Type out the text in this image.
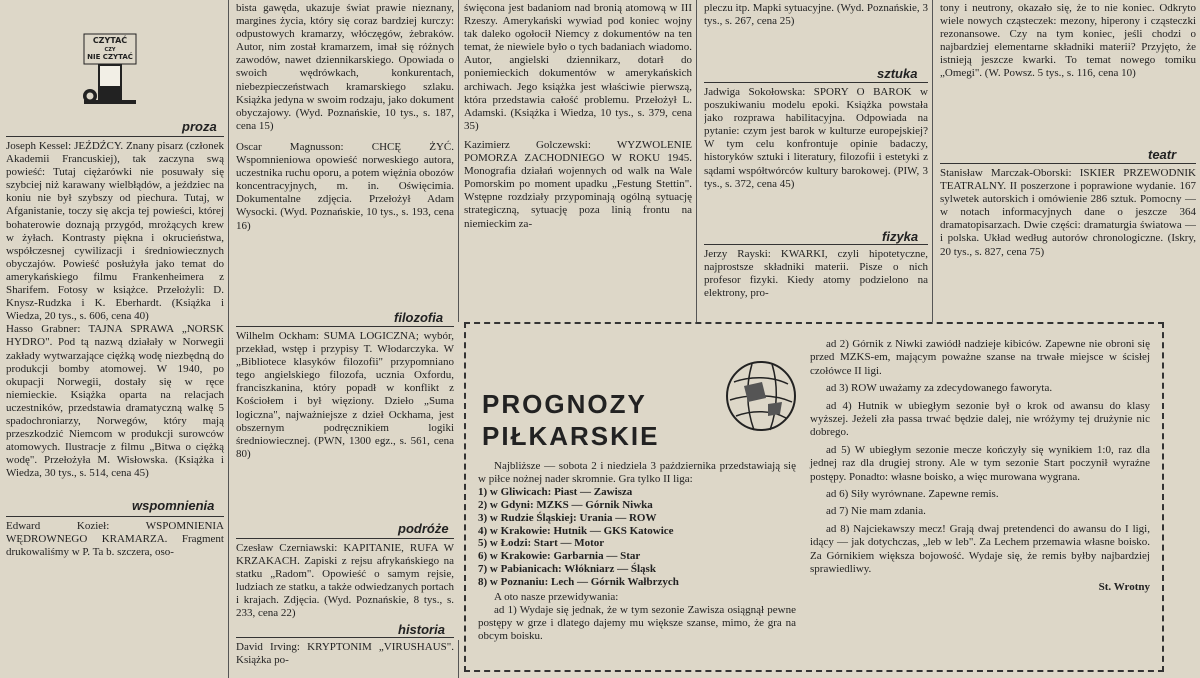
CZYTAĆ
CZY
NIE CZYTAĆ
proza
wspomnienia
filozofia
podróże
historia
sztuka
fizyka
teatr

Joseph Kessel: JEŹDŹCY. Znany pisarz (członek Akademii Francuskiej), tak zaczyna swą powieść: Tutaj ciężarówki nie posuwały się szybciej niż karawany wielbłądów, a jeździec na koniu nie był szybszy od piechura. Tutaj, w Afganistanie, toczy się akcja tej powieści, której bohaterowie doznają przygód, mrożących krew w żyłach. Kontrasty piękna i okrucieństwa, współczesnej cywilizacji i średniowiecznych obyczajów. Powieść posłużyła jako temat do amerykańskiego filmu Frankenheimera z Sharifem. Fotosy w książce. Przełożyli: D. Knysz-Rudzka i K. Eberhardt. (Książka i Wiedza, 20 tys., s. 606, cena 40)

Hasso Grabner: TAJNA SPRAWA „NORSK HYDRO". Pod tą nazwą działały w Norwegii zakłady wytwarzające ciężką wodę niezbędną do produkcji bomby atomowej. W 1940, po okupacji Norwegii, dostały się w ręce niemieckie. Książka oparta na relacjach uczestników, przedstawia dramatyczną walkę 5 spadochroniarzy, Norwegów, który mają przeszkodzić Niemcom w produkcji surowców atomowych. Ilustracje z filmu „Bitwa o ciężką wodę". Przełożyła M. Wisłowska. (Książka i Wiedza, 30 tys., s. 514, cena 45)

Edward Kozieł: WSPOMNIENIA WĘDROWNEGO KRAMARZA. Fragment drukowaliśmy w P. Ta b. szczera, oso-

bista gawęda, ukazuje świat prawie nieznany, margines życia, który się coraz bardziej kurczy: odpustowych kramarzy, włóczęgów, żebraków. Autor, nim został kramarzem, imał się różnych zawodów, nawet dziennikarskiego. Opowiada o swoich wędrówkach, konkurentach, niebezpieczeństwach kramarskiego szlaku. Książka jedyna w swoim rodzaju, jako dokument obyczajowy. (Wyd. Poznańskie, 10 tys., s. 187, cena 15)

Oscar Magnusson: CHCĘ ŻYĆ. Wspomnieniowa opowieść norweskiego autora, uczestnika ruchu oporu, a potem więźnia obozów koncentracyjnych, m. in. Oświęcimia. Dokumentalne zdjęcia. Przełożył Adam Wysocki. (Wyd. Poznańskie, 10 tys., s. 193, cena 16)

Wilhelm Ockham: SUMA LOGICZNA; wybór, przekład, wstęp i przypisy T. Włodarczyka. W „Bibliotece klasyków filozofii" przypomniano tego angielskiego filozofa, ucznia Oxfordu, franciszkanina, który popadł w konflikt z Kościołem i był więziony. Dzieło „Suma logiczna", najważniejsze z dzieł Ockhama, jest obszernym podręcznikiem logiki średniowiecznej. (PWN, 1300 egz., s. 561, cena 80)

Czesław Czerniawski: KAPITANIE, RUFA W KRZAKACH. Zapiski z rejsu afrykańskiego na statku „Radom". Opowieść o samym rejsie, ludziach ze statku, a także odwiedzanych portach i krajach. Zdjęcia. (Wyd. Poznańskie, 8 tys., s. 233, cena 22)

David Irving: KRYPTONIM „VIRUSHAUS". Książka po-

święcona jest badaniom nad bronią atomową w III Rzeszy. Amerykański wywiad pod koniec wojny tak daleko ogołocił Niemcy z dokumentów na ten temat, że niewiele było o tych badaniach wiadomo. Autor, angielski dziennikarz, dotarł do poniemieckich dokumentów w amerykańskich archiwach. Jego książka jest właściwie pierwszą, która przedstawia całość problemu. Przełożył L. Adamski. (Książka i Wiedza, 10 tys., s. 379, cena 35)

Kazimierz Golczewski: WYZWOLENIE POMORZA ZACHODNIEGO W ROKU 1945. Monografia działań wojennych od walk na Wale Pomorskim po moment upadku „Festung Stettin". Wstępne rozdziały przypominają ogólną sytuację strategiczną, sytuację poza linią frontu na niemieckim za-

pleczu itp. Mapki sytuacyjne. (Wyd. Poznańskie, 3 tys., s. 267, cena 25)

Jadwiga Sokołowska: SPORY O BAROK w poszukiwaniu modelu epoki. Książka powstała jako rozprawa habilitacyjna. Odpowiada na pytanie: czym jest barok w kulturze europejskiej? W tym celu konfrontuje opinie badaczy, historyków sztuki i literatury, filozofii i estetyki z sądami współtwórców kultury barokowej. (PIW, 3 tys., s. 372, cena 45)

Jerzy Rayski: KWARKI, czyli hipotetyczne, najprostsze składniki materii. Pisze o nich profesor fizyki. Kiedy atomy podzielono na elektrony, pro-

tony i neutrony, okazało się, że to nie koniec. Odkryto wiele nowych cząsteczek: mezony, hiperony i cząsteczki rezonansowe. Czy na tym koniec, jeśli chodzi o najbardziej elementarne składniki materii? Przyjęto, że istnieją jeszcze kwarki. To temat nowego tomiku „Omegi". (W. Powsz. 5 tys., s. 116, cena 10)

Stanisław Marczak-Oborski: ISKIER PRZEWODNIK TEATRALNY. II poszerzone i poprawione wydanie. 167 sylwetek autorskich i omówienie 286 sztuk. Pomocny — w notach informacyjnych dane o jeszcze 364 dramatopisarzach. Dwie części: dramaturgia światowa — i polska. Układ według autorów chronologiczne. (Iskry, 20 tys., s. 827, cena 75)

PROGNOZY
PIŁKARSKIE

Najbliższe — sobota 2 i niedziela 3 października przedstawiają się w piłce nożnej nader skromnie. Gra tylko II liga:

1) w Gliwicach: Piast — Zawisza

2) w Gdyni: MZKS — Górnik Niwka

3) w Rudzie Śląskiej: Urania — ROW

4) w Krakowie: Hutnik — GKS Katowice

5) w Łodzi: Start — Motor

6) w Krakowie: Garbarnia — Star

7) w Pabianicach: Włókniarz — Śląsk

8) w Poznaniu: Lech — Górnik Wałbrzych

A oto nasze przewidywania:

ad 1) Wydaje się jednak, że w tym sezonie Zawisza osiągnął pewne postępy w grze i dlatego dajemy mu większe szanse, mimo, że gra na obcym boisku.

ad 2) Górnik z Niwki zawiódł nadzieje kibiców. Zapewne nie obroni się przed MZKS-em, mającym poważne szanse na trwałe miejsce w ścisłej czołówce II ligi.

ad 3) ROW uważamy za zdecydowanego faworyta.

ad 4) Hutnik w ubiegłym sezonie był o krok od awansu do klasy wyższej. Jeżeli zła passa trwać będzie dalej, nie wróżymy tej drużynie nic dobrego.

ad 5) W ubiegłym sezonie mecze kończyły się wynikiem 1:0, raz dla jednej raz dla drugiej strony. Ale w tym sezonie Start poczynił wyraźne postępy. Ponadto: własne boisko, a więc murowana wygrana.

ad 6) Siły wyrównane. Zapewne remis.

ad 7) Nie mam zdania.

ad 8) Najciekawszy mecz! Grają dwaj pretendenci do awansu do I ligi, idący — jak dotychczas, „leb w leb". Za Lechem przemawia własne boisko. Za Górnikiem większa bojowość. Wydaje się, że remis byłby najbardziej sprawiedliwy.

St. Wrotny
